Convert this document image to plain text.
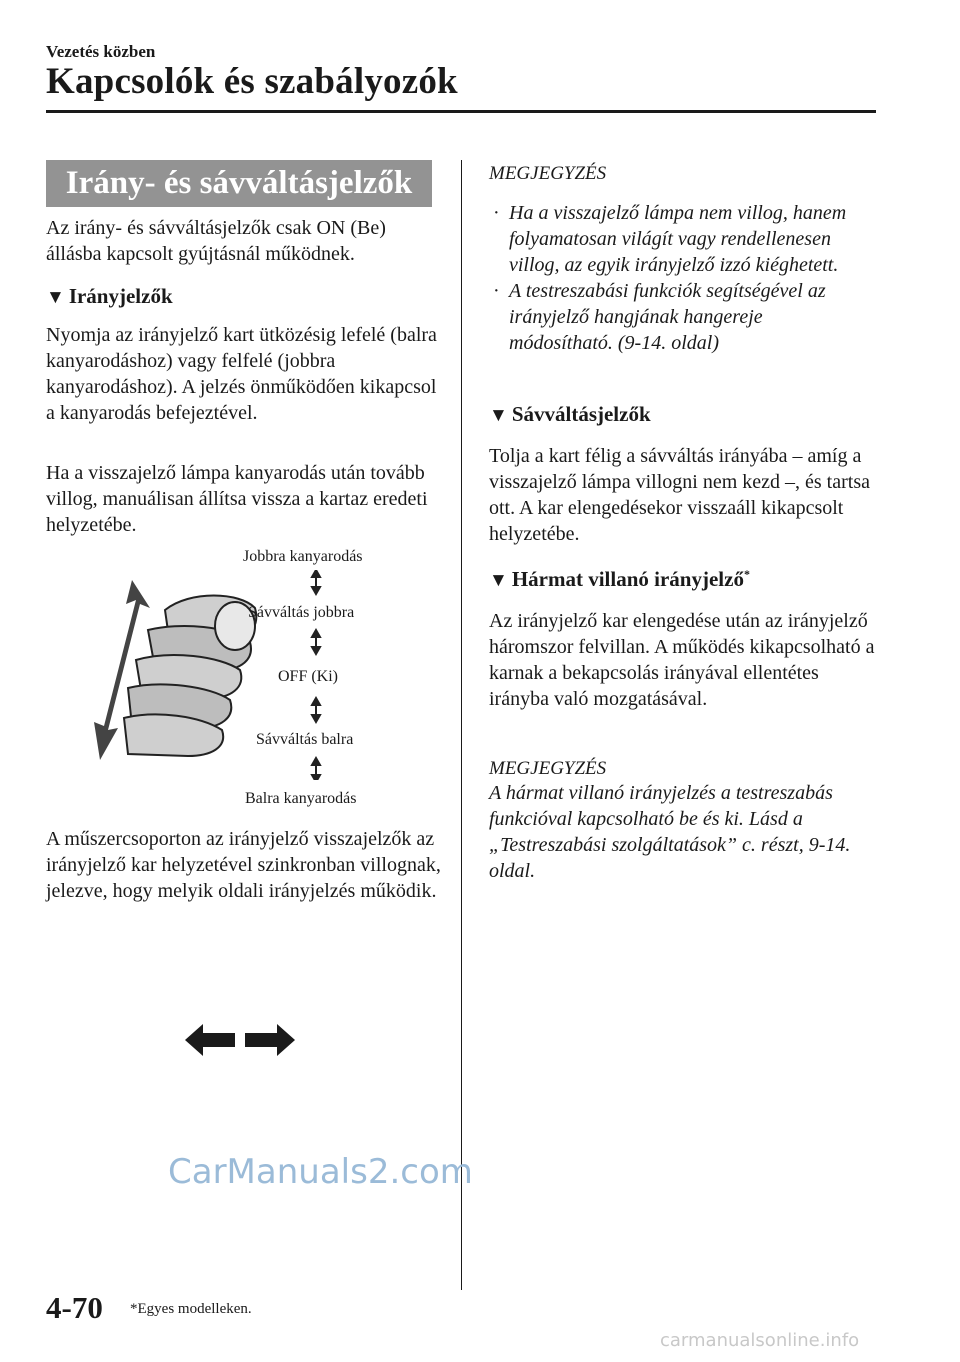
Vezetés közben
Kapcsolók és szabályozók
Irány- és sávváltásjelzők
Az irány- és sávváltásjelzők csak ON (Be) állásba kapcsolt gyújtásnál működnek.
▼ Irányjelzők
Nyomja az irányjelző kart ütközésig lefelé (balra kanyarodáshoz) vagy felfelé (jobbra kanyarodáshoz). A jelzés önműködően kikapcsol a kanyarodás befejeztével.
Ha a visszajelző lámpa kanyarodás után tovább villog, manuálisan állítsa vissza a kartaz eredeti helyzetébe.
Jobbra kanyarodás
Sávváltás jobbra
OFF (Ki)
Sávváltás balra
Balra kanyarodás
A műszercsoporton az irányjelző visszajelzők az irányjelző kar helyzetével szinkronban villognak, jelezve, hogy melyik oldali irányjelzés működik.
MEGJEGYZÉS
· Ha a visszajelző lámpa nem villog, hanem folyamatosan világít vagy rendellenesen villog, az egyik irányjelző izzó kiéghetett.
· A testreszabási funkciók segítségével az irányjelző hangjának hangereje módosítható. (9-14. oldal)
▼ Sávváltásjelzők
Tolja a kart félig a sávváltás irányába – amíg a visszajelző lámpa villogni nem kezd –, és tartsa ott. A kar elengedésekor visszaáll kikapcsolt helyzetébe.
▼ Hármat villanó irányjelző*
Az irányjelző kar elengedése után az irányjelző háromszor felvillan. A működés kikapcsolható a karnak a bekapcsolás irányával ellentétes irányba való mozgatásával.
MEGJEGYZÉS
A hármat villanó irányjelzés a testreszabás funkcióval kapcsolható be és ki. Lásd a „Testreszabási szolgáltatások” c. részt, 9-14. oldal.
4-70 *Egyes modelleken.
CarManuals2.com
carmanualsonline.info
